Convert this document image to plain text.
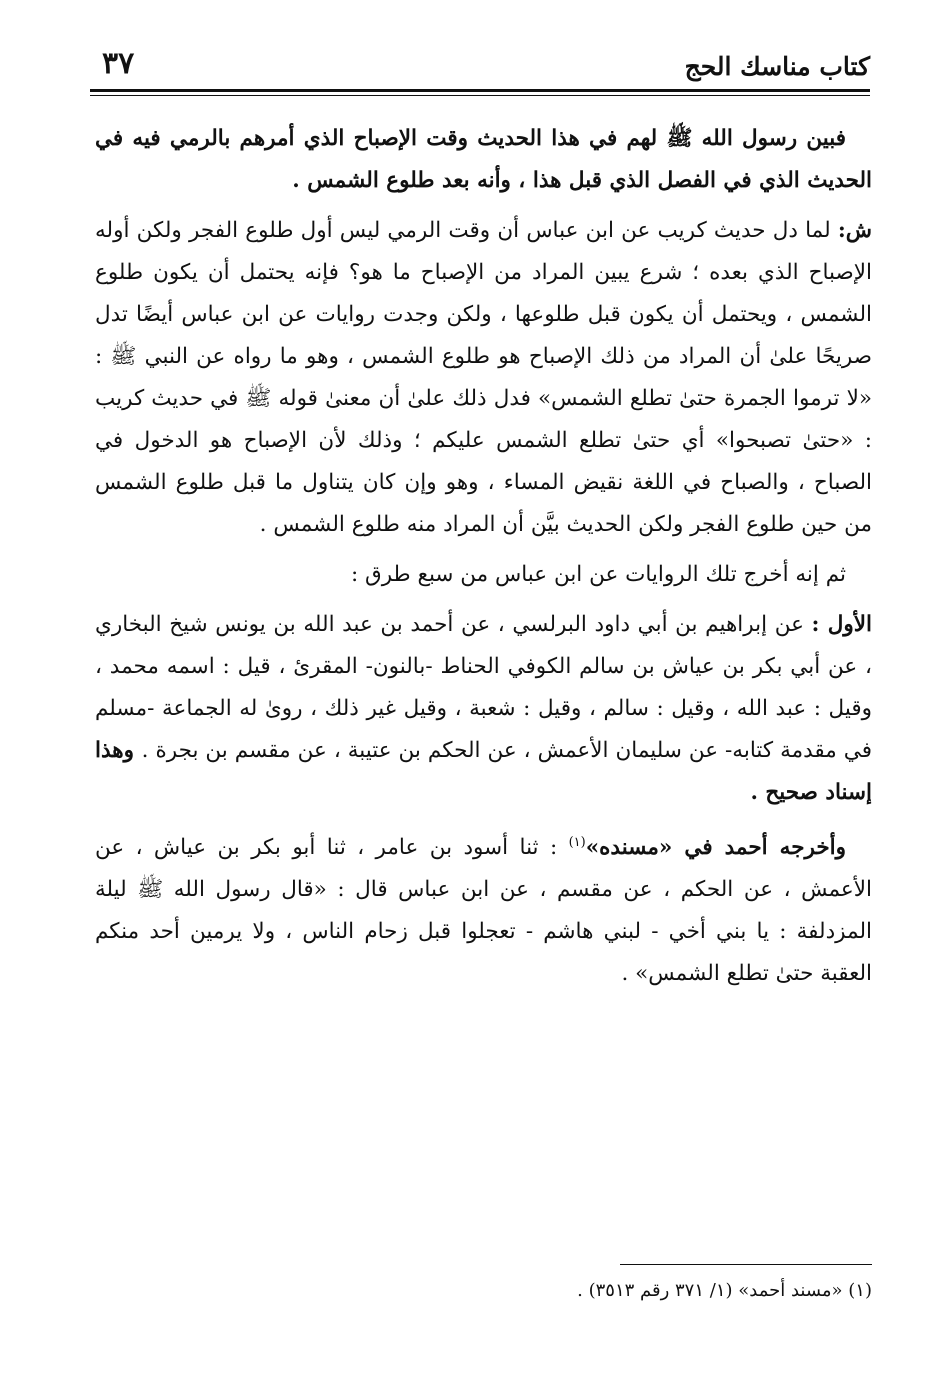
كتاب مناسك الحج
٣٧

فبين رسول الله ﷺ لهم في هذا الحديث وقت الإصباح الذي أمرهم بالرمي فيه في الحديث الذي في الفصل الذي قبل هذا ، وأنه بعد طلوع الشمس .

ش: لما دل حديث كريب عن ابن عباس أن وقت الرمي ليس أول طلوع الفجر ولكن أوله الإصباح الذي بعده ؛ شرع يبين المراد من الإصباح ما هو؟ فإنه يحتمل أن يكون طلوع الشمس ، ويحتمل أن يكون قبل طلوعها ، ولكن وجدت روايات عن ابن عباس أيضًا تدل صريحًا علىٰ أن المراد من ذلك الإصباح هو طلوع الشمس ، وهو ما رواه عن النبي ﷺ : «لا ترموا الجمرة حتىٰ تطلع الشمس» فدل ذلك علىٰ أن معنىٰ قوله ﷺ في حديث كريب : «حتىٰ تصبحوا» أي حتىٰ تطلع الشمس عليكم ؛ وذلك لأن الإصباح هو الدخول في الصباح ، والصباح في اللغة نقيض المساء ، وهو وإن كان يتناول ما قبل طلوع الشمس من حين طلوع الفجر ولكن الحديث بيَّن أن المراد منه طلوع الشمس .

ثم إنه أخرج تلك الروايات عن ابن عباس من سبع طرق :

الأول : عن إبراهيم بن أبي داود البرلسي ، عن أحمد بن عبد الله بن يونس شيخ البخاري ، عن أبي بكر بن عياش بن سالم الكوفي الحناط -بالنون- المقرئ ، قيل : اسمه محمد ، وقيل : عبد الله ، وقيل : سالم ، وقيل : شعبة ، وقيل غير ذلك ، روىٰ له الجماعة -مسلم في مقدمة كتابه- عن سليمان الأعمش ، عن الحكم بن عتيبة ، عن مقسم بن بجرة . وهذا إسناد صحيح .

وأخرجه أحمد في «مسنده»$^{(١)}$ : ثنا أسود بن عامر ، ثنا أبو بكر بن عياش ، عن الأعمش ، عن الحكم ، عن مقسم ، عن ابن عباس قال : «قال رسول الله ﷺ ليلة المزدلفة : يا بني أخي - لبني هاشم - تعجلوا قبل زحام الناس ، ولا يرمين أحد منكم العقبة حتىٰ تطلع الشمس» .

(١) «مسند أحمد» (١/ ٣٧١ رقم ٣٥١٣) .
